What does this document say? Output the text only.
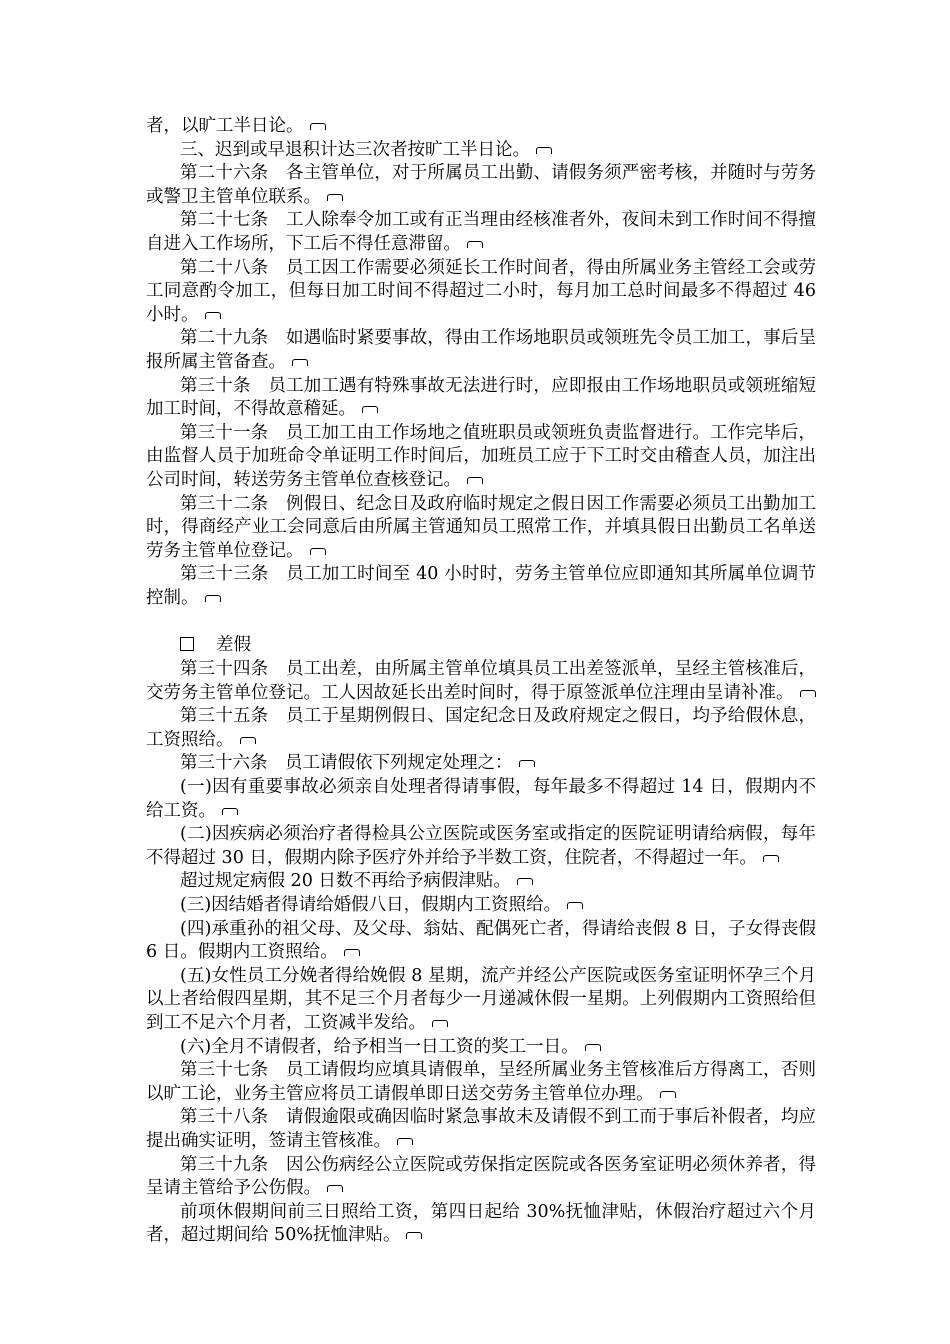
者，以旷工半日论。

三、迟到或早退积计达三次者按旷工半日论。

第二十六条　各主管单位，对于所属员工出勤、请假务须严密考核，并随时与劳务或警卫主管单位联系。

第二十七条　工人除奉令加工或有正当理由经核准者外，夜间未到工作时间不得擅自进入工作场所，下工后不得任意滞留。

第二十八条　员工因工作需要必须延长工作时间者，得由所属业务主管经工会或劳工同意酌令加工，但每日加工时间不得超过二小时，每月加工总时间最多不得超过 46 小时。

第二十九条　如遇临时紧要事故，得由工作场地职员或领班先令员工加工，事后呈报所属主管备查。

第三十条　员工加工遇有特殊事故无法进行时，应即报由工作场地职员或领班缩短加工时间，不得故意稽延。

第三十一条　员工加工由工作场地之值班职员或领班负责监督进行。工作完毕后，由监督人员于加班命令单证明工作时间后，加班员工应于下工时交由稽查人员，加注出公司时间，转送劳务主管单位查核登记。

第三十二条　例假日、纪念日及政府临时规定之假日因工作需要必须员工出勤加工时，得商经产业工会同意后由所属主管通知员工照常工作，并填具假日出勤员工名单送劳务主管单位登记。

第三十三条　员工加工时间至 40 小时时，劳务主管单位应即通知其所属单位调节控制。

差假

第三十四条　员工出差，由所属主管单位填具员工出差签派单，呈经主管核准后，交劳务主管单位登记。工人因故延长出差时间时，得于原签派单位注理由呈请补准。

第三十五条　员工于星期例假日、国定纪念日及政府规定之假日，均予给假休息，工资照给。

第三十六条　员工请假依下列规定处理之：

(一)因有重要事故必须亲自处理者得请事假，每年最多不得超过 14 日，假期内不给工资。

(二)因疾病必须治疗者得检具公立医院或医务室或指定的医院证明请给病假，每年不得超过 30 日，假期内除予医疗外并给予半数工资，住院者，不得超过一年。

超过规定病假 20 日数不再给予病假津贴。

(三)因结婚者得请给婚假八日，假期内工资照给。

(四)承重孙的祖父母、及父母、翁姑、配偶死亡者，得请给丧假 8 日，子女得丧假 6 日。假期内工资照给。

(五)女性员工分娩者得给娩假 8 星期，流产并经公产医院或医务室证明怀孕三个月以上者给假四星期，其不足三个月者每少一月递减休假一星期。上列假期内工资照给但到工不足六个月者，工资减半发给。

(六)全月不请假者，给予相当一日工资的奖工一日。

第三十七条　员工请假均应填具请假单，呈经所属业务主管核准后方得离工，否则以旷工论，业务主管应将员工请假单即日送交劳务主管单位办理。

第三十八条　请假逾限或确因临时紧急事故未及请假不到工而于事后补假者，均应提出确实证明，签请主管核准。

第三十九条　因公伤病经公立医院或劳保指定医院或各医务室证明必须休养者，得呈请主管给予公伤假。

前项休假期间前三日照给工资，第四日起给 30%抚恤津贴，休假治疗超过六个月者，超过期间给 50%抚恤津贴。
